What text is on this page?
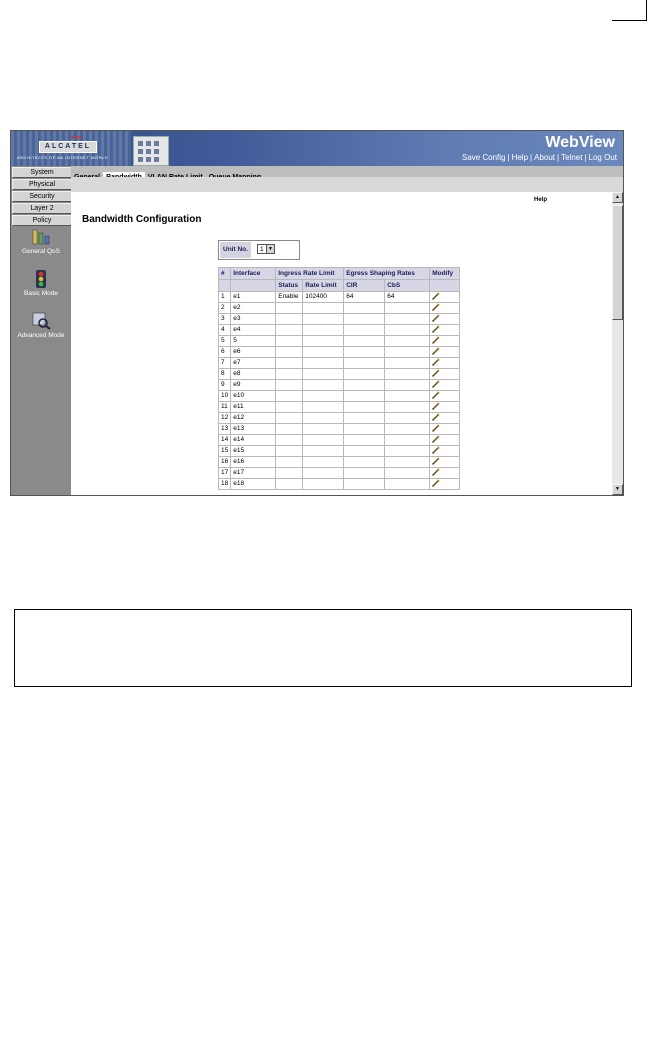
●●●
ALCATEL
ARCHITECTS OF AN INTERNET WORLD
WebView
Save Config | Help | About | Telnet | Log Out
System
Physical
Security
Layer 2
Policy
General QoS
Basic Mode
Advanced Mode
Help
Bandwidth Configuration
Unit No.	1 ▼
#	Interface	Ingress Rate Limit		Egress Shaping Rates		Modify
		Status	Rate Limit	CIR	CbS	
1	e1	Enable	102400	64	64	
2	e2					
3	e3					
4	e4					
5	5					
6	e6					
7	e7					
8	e8					
9	e9					
10	e10					
11	e11					
12	e12					
13	e13					
14	e14					
15	e15					
16	e16					
17	e17					
18	e18					
▲
▼
